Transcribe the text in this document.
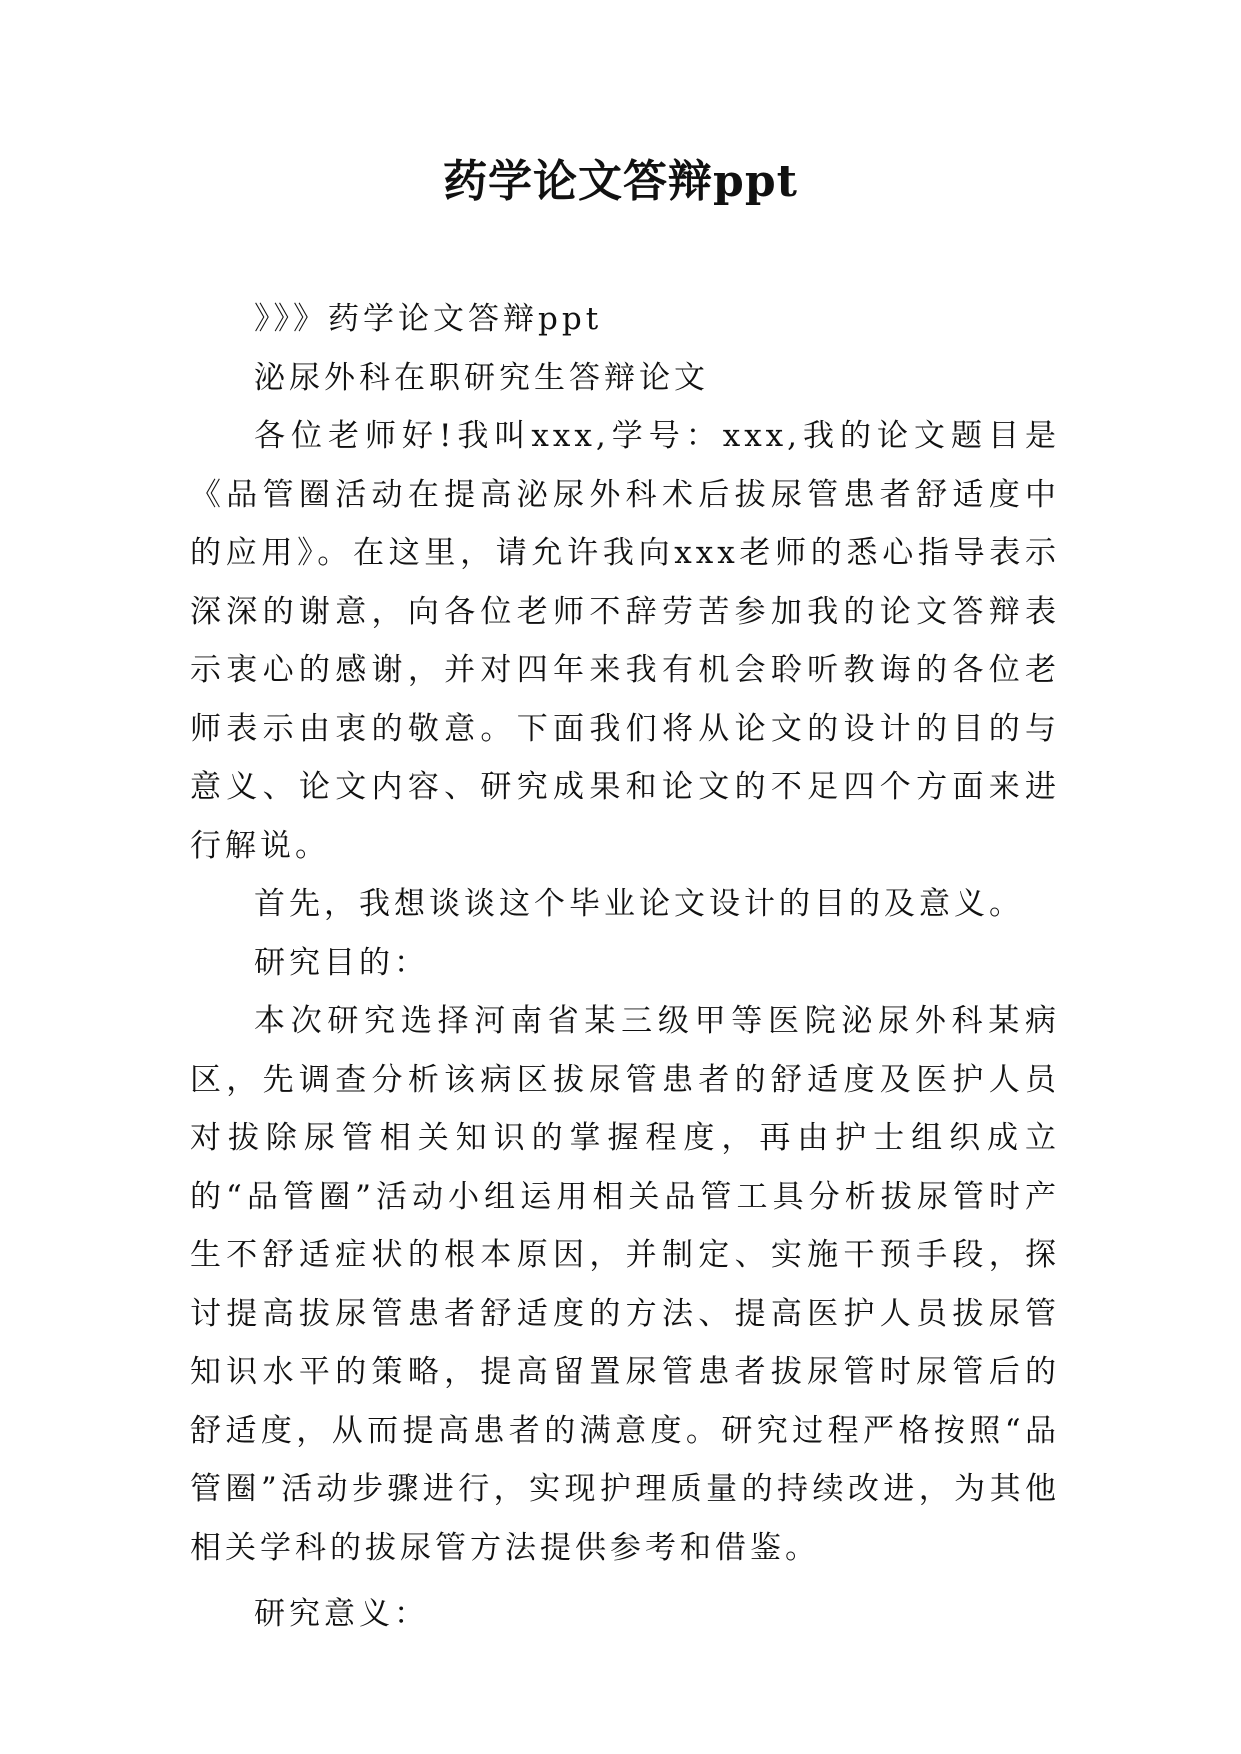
药学论文答辩ppt

》》》药学论文答辩ppt

泌尿外科在职研究生答辩论文

各位老师好!我叫xxx,学号：xxx,我的论文题目是《品管圈活动在提高泌尿外科术后拔尿管患者舒适度中的应用》。在这里，请允许我向xxx老师的悉心指导表示深深的谢意，向各位老师不辞劳苦参加我的论文答辩表示衷心的感谢，并对四年来我有机会聆听教诲的各位老师表示由衷的敬意。下面我们将从论文的设计的目的与意义、论文内容、研究成果和论文的不足四个方面来进行解说。

首先，我想谈谈这个毕业论文设计的目的及意义。

研究目的：

本次研究选择河南省某三级甲等医院泌尿外科某病区，先调查分析该病区拔尿管患者的舒适度及医护人员对拔除尿管相关知识的掌握程度，再由护士组织成立的“品管圈”活动小组运用相关品管工具分析拔尿管时产生不舒适症状的根本原因，并制定、实施干预手段，探讨提高拔尿管患者舒适度的方法、提高医护人员拔尿管知识水平的策略，提高留置尿管患者拔尿管时尿管后的舒适度，从而提高患者的满意度。研究过程严格按照“品管圈”活动步骤进行，实现护理质量的持续改进，为其他相关学科的拔尿管方法提供参考和借鉴。

研究意义：
